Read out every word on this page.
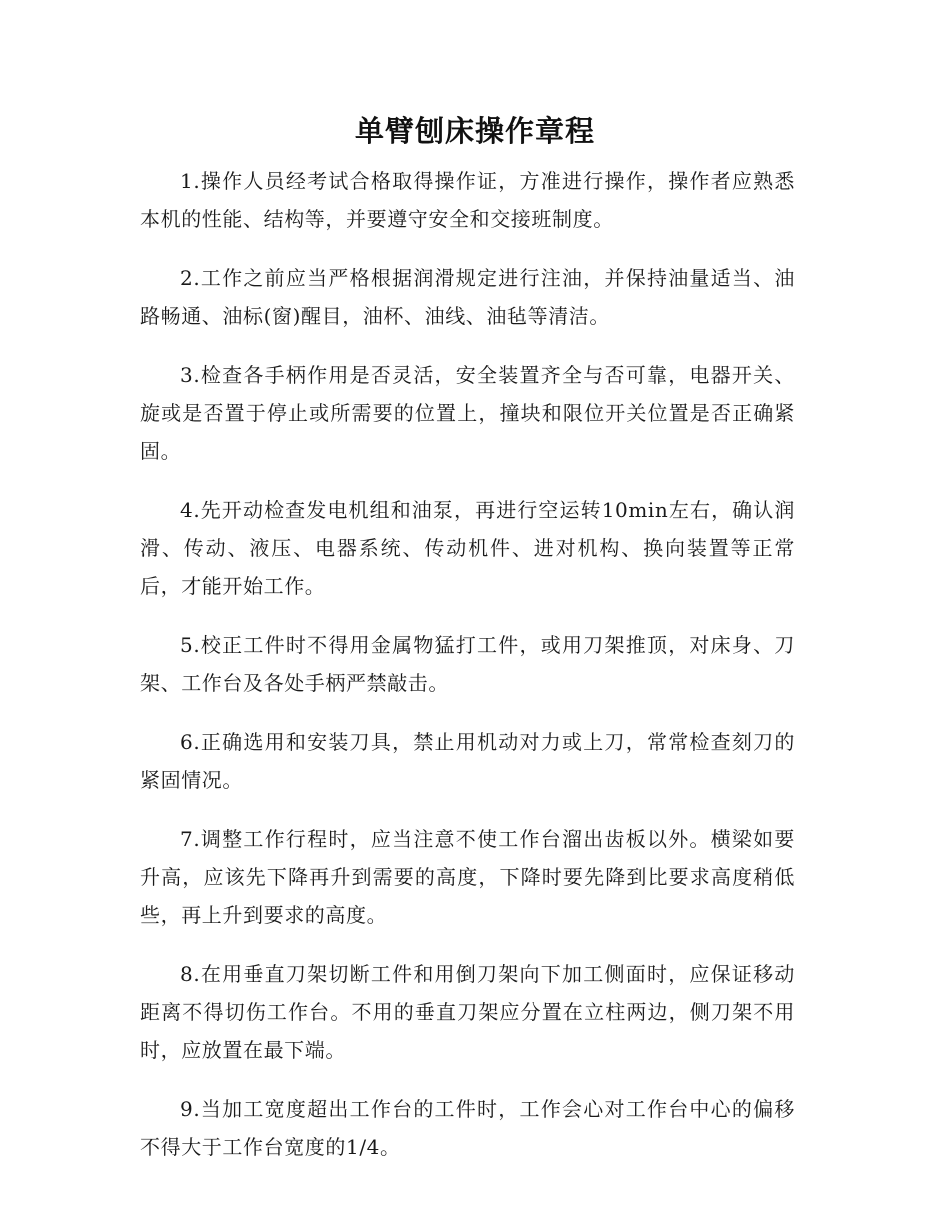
单臂刨床操作章程

1.操作人员经考试合格取得操作证，方准进行操作，操作者应熟悉本机的性能、结构等，并要遵守安全和交接班制度。

2.工作之前应当严格根据润滑规定进行注油，并保持油量适当、油路畅通、油标(窗)醒目，油杯、油线、油毡等清洁。

3.检查各手柄作用是否灵活，安全装置齐全与否可靠，电器开关、旋或是否置于停止或所需要的位置上，撞块和限位开关位置是否正确紧固。

4.先开动检查发电机组和油泵，再进行空运转10min左右，确认润滑、传动、液压、电器系统、传动机件、进对机构、换向装置等正常后，才能开始工作。

5.校正工件时不得用金属物猛打工件，或用刀架推顶，对床身、刀架、工作台及各处手柄严禁敲击。

6.正确选用和安装刀具，禁止用机动对力或上刀，常常检查刻刀的紧固情况。

7.调整工作行程时，应当注意不使工作台溜出齿板以外。横梁如要升高，应该先下降再升到需要的高度，下降时要先降到比要求高度稍低些，再上升到要求的高度。

8.在用垂直刀架切断工件和用倒刀架向下加工侧面时，应保证移动距离不得切伤工作台。不用的垂直刀架应分置在立柱两边，侧刀架不用时，应放置在最下端。

9.当加工宽度超出工作台的工件时，工作会心对工作台中心的偏移不得大于工作台宽度的1/4。
